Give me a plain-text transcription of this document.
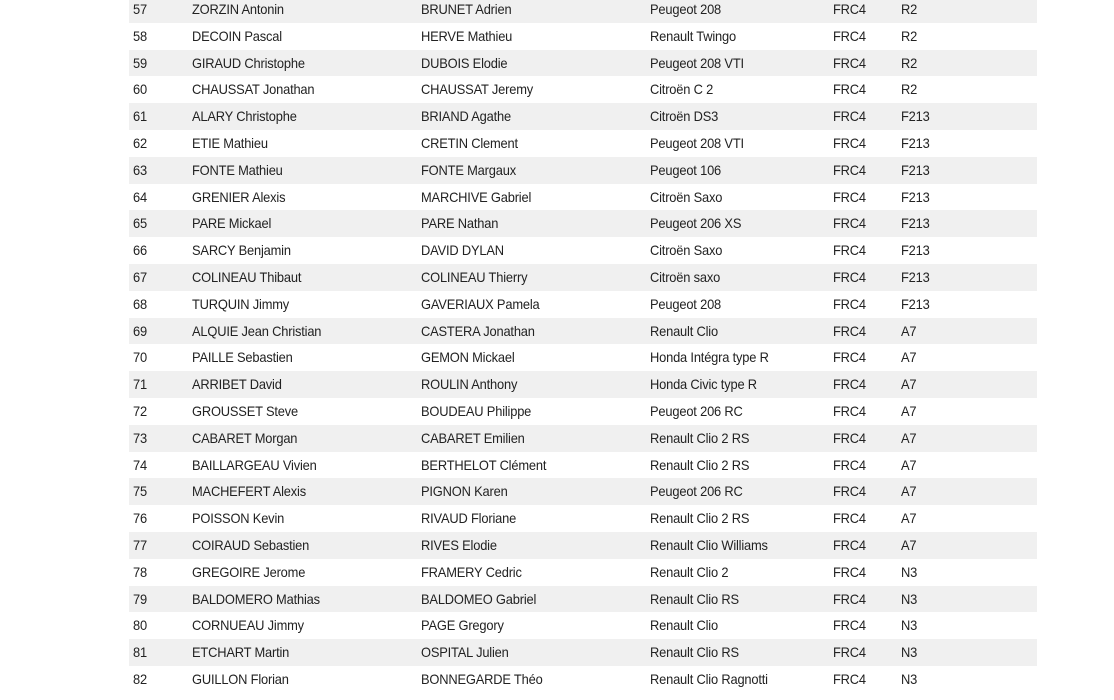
57	ZORZIN Antonin	BRUNET Adrien	Peugeot 208	FRC4	R2
58	DECOIN Pascal	HERVE Mathieu	Renault Twingo	FRC4	R2
59	GIRAUD Christophe	DUBOIS Elodie	Peugeot 208 VTI	FRC4	R2
60	CHAUSSAT Jonathan	CHAUSSAT Jeremy	Citroën C 2	FRC4	R2
61	ALARY Christophe	BRIAND Agathe	Citroën DS3	FRC4	F213
62	ETIE Mathieu	CRETIN Clement	Peugeot 208 VTI	FRC4	F213
63	FONTE Mathieu	FONTE Margaux	Peugeot 106	FRC4	F213
64	GRENIER Alexis	MARCHIVE Gabriel	Citroën Saxo	FRC4	F213
65	PARE Mickael	PARE Nathan	Peugeot 206 XS	FRC4	F213
66	SARCY Benjamin	DAVID DYLAN	Citroën Saxo	FRC4	F213
67	COLINEAU Thibaut	COLINEAU Thierry	Citroën saxo	FRC4	F213
68	TURQUIN Jimmy	GAVERIAUX Pamela	Peugeot 208	FRC4	F213
69	ALQUIE Jean Christian	CASTERA Jonathan	Renault Clio	FRC4	A7
70	PAILLE Sebastien	GEMON Mickael	Honda Intégra type R	FRC4	A7
71	ARRIBET David	ROULIN Anthony	Honda Civic type R	FRC4	A7
72	GROUSSET Steve	BOUDEAU Philippe	Peugeot 206 RC	FRC4	A7
73	CABARET Morgan	CABARET Emilien	Renault Clio 2 RS	FRC4	A7
74	BAILLARGEAU Vivien	BERTHELOT Clément	Renault Clio 2 RS	FRC4	A7
75	MACHEFERT Alexis	PIGNON Karen	Peugeot 206 RC	FRC4	A7
76	POISSON Kevin	RIVAUD Floriane	Renault Clio 2 RS	FRC4	A7
77	COIRAUD Sebastien	RIVES Elodie	Renault Clio Williams	FRC4	A7
78	GREGOIRE Jerome	FRAMERY Cedric	Renault Clio 2	FRC4	N3
79	BALDOMERO Mathias	BALDOMEO Gabriel	Renault Clio RS	FRC4	N3
80	CORNUEAU Jimmy	PAGE Gregory	Renault Clio	FRC4	N3
81	ETCHART Martin	OSPITAL Julien	Renault Clio RS	FRC4	N3
82	GUILLON Florian	BONNEGARDE Théo	Renault Clio Ragnotti	FRC4	N3
